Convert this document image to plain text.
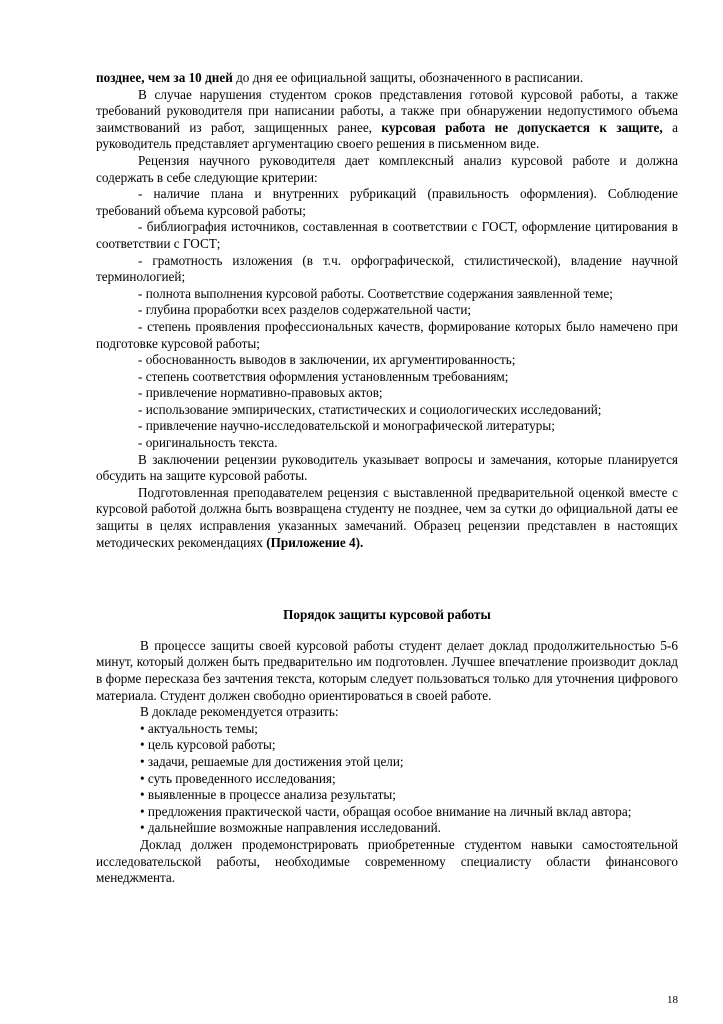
позднее, чем за 10 дней до дня ее официальной защиты, обозначенного в расписании.

В случае нарушения студентом сроков представления готовой курсовой работы, а также требований руководителя при написании работы, а также при обнаружении недопустимого объема заимствований из работ, защищенных ранее, курсовая работа не допускается к защите, а руководитель представляет аргументацию своего решения в письменном виде.

Рецензия научного руководителя дает комплексный анализ курсовой работе и должна содержать в себе следующие критерии:

- наличие плана и внутренних рубрикаций (правильность оформления). Соблюдение требований объема курсовой работы;

- библиография источников, составленная в соответствии с ГОСТ, оформление цитирования в соответствии с ГОСТ;

- грамотность изложения (в т.ч. орфографической, стилистической), владение научной терминологией;

- полнота выполнения курсовой работы. Соответствие содержания заявленной теме;

- глубина проработки всех разделов содержательной части;

- степень проявления профессиональных качеств, формирование которых было намечено при подготовке курсовой работы;

- обоснованность выводов в заключении, их аргументированность;

- степень соответствия оформления установленным требованиям;

- привлечение нормативно-правовых актов;

- использование эмпирических, статистических и социологических исследований;

- привлечение научно-исследовательской и монографической литературы;

- оригинальность текста.

В заключении рецензии руководитель указывает вопросы и замечания, которые планируется обсудить на защите курсовой работы.

Подготовленная преподавателем рецензия с выставленной предварительной оценкой вместе с курсовой работой должна быть возвращена студенту не позднее, чем за сутки до официальной даты ее защиты в целях исправления указанных замечаний. Образец рецензии представлен в настоящих методических рекомендациях (Приложение 4).

Порядок защиты курсовой работы

В процессе защиты своей курсовой работы студент делает доклад продолжительностью 5-6 минут, который должен быть предварительно им подготовлен. Лучшее впечатление производит доклад в форме пересказа без зачтения текста, которым следует пользоваться только для уточнения цифрового материала. Студент должен свободно ориентироваться в своей работе.

В докладе рекомендуется отразить:

• актуальность темы;

• цель курсовой работы;

• задачи, решаемые для достижения этой цели;

• суть проведенного исследования;

• выявленные в процессе анализа результаты;

• предложения практической части, обращая особое внимание на личный вклад автора;

• дальнейшие возможные направления исследований.

Доклад должен продемонстрировать приобретенные студентом навыки самостоятельной исследовательской работы, необходимые современному специалисту области финансового менеджмента.

18
